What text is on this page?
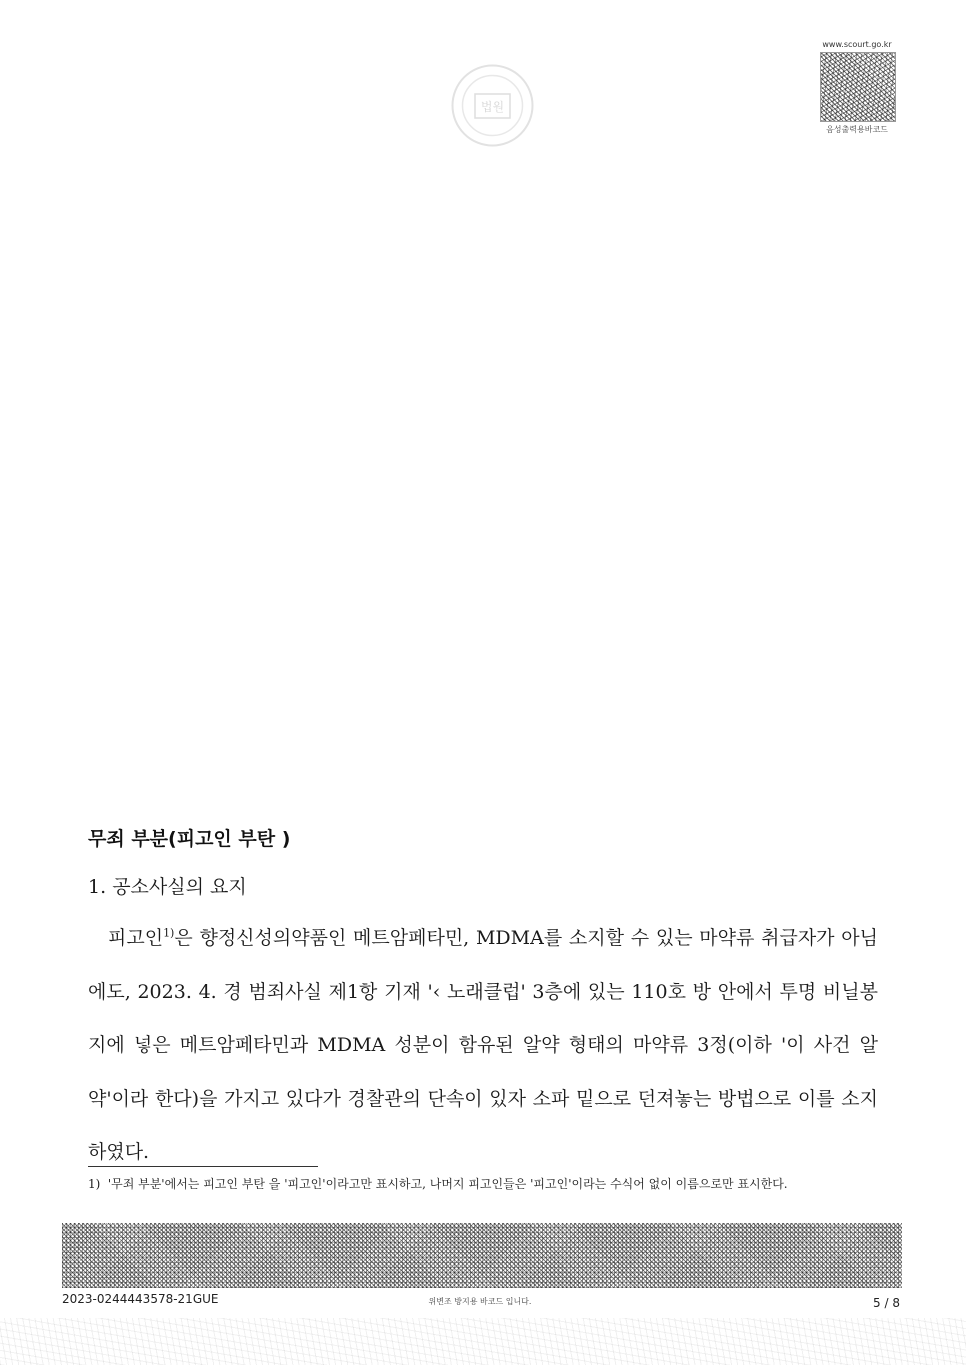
법원
www.scourt.go.kr
음성출력용바코드
무죄 부분(피고인 부탄 )
1. 공소사실의 요지

피고인$^{1)}$은 향정신성의약품인 메트암페타민, MDMA를 소지할 수 있는 마약류 취급자가 아님에도, 2023. 4. 경 범죄사실 제1항 기재 '‹ 노래클럽' 3층에 있는 110호 방 안에서 투명 비닐봉지에 넣은 메트암페타민과 MDMA 성분이 함유된 알약 형태의 마약류 3정(이하 '이 사건 알약'이라 한다)을 가지고 있다가 경찰관의 단속이 있자 소파 밑으로 던져놓는 방법으로 이를 소지하였다.

1) '무죄 부분'에서는 피고인 부탄 을 '피고인'이라고만 표시하고, 나머지 피고인들은 '피고인'이라는 수식어 없이 이름으로만 표시한다.
2023-0244443578-21GUE	위변조 방지용 바코드 입니다.	5 / 8
